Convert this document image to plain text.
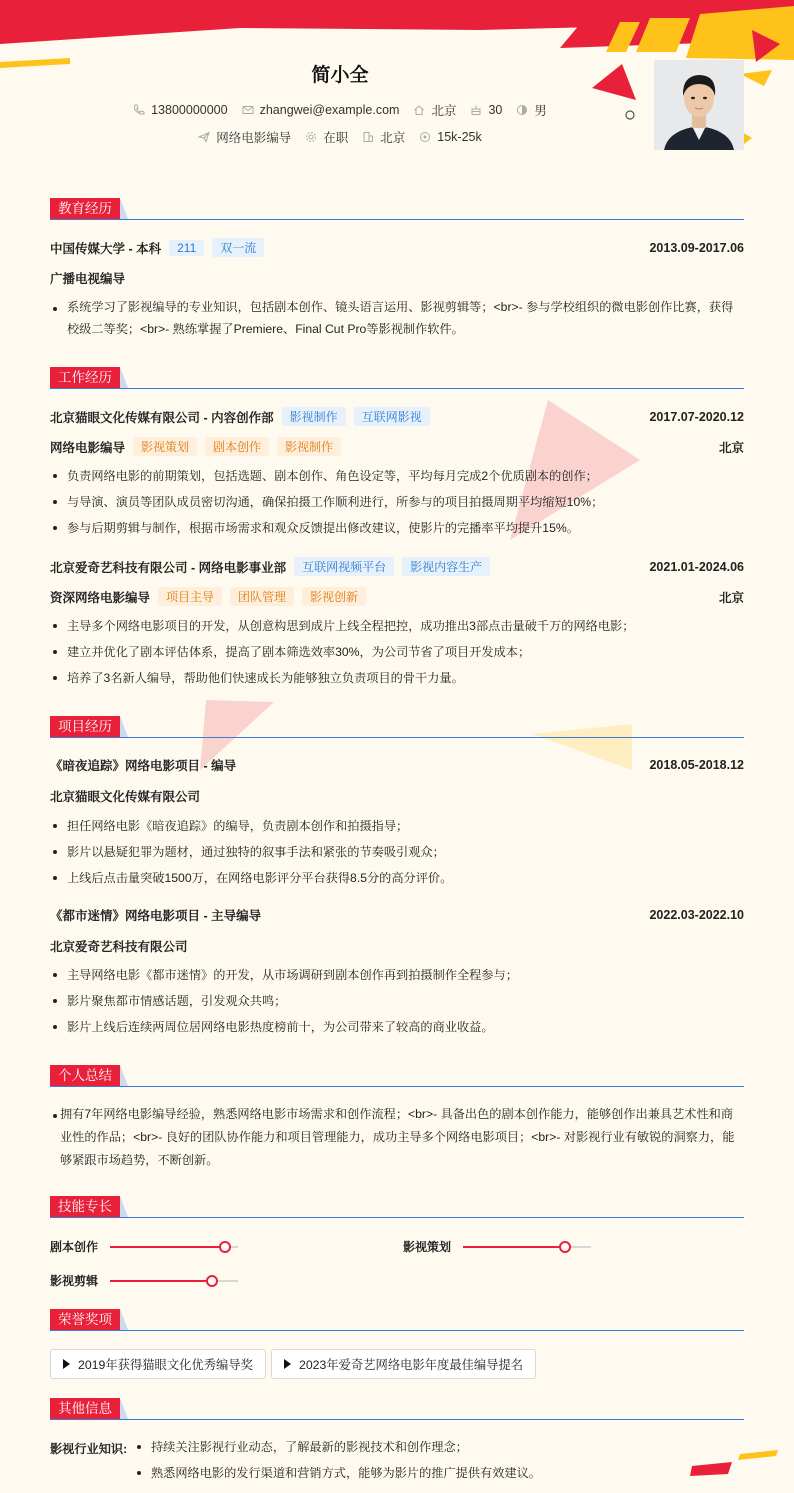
简小全
13800000000	zhangwei@example.com	北京	30	男
网络电影编导	在职	北京	15k-25k
教育经历
中国传媒大学 - 本科	211	双一流	2013.09-2017.06
广播电视编导
系统学习了影视编导的专业知识，包括剧本创作、镜头语言运用、影视剪辑等；<br>- 参与学校组织的微电影创作比赛，获得校级二等奖；<br>- 熟练掌握了Premiere、Final Cut Pro等影视制作软件。
工作经历
北京猫眼文化传媒有限公司 - 内容创作部	影视制作	互联网影视	2017.07-2020.12
网络电影编导	影视策划	剧本创作	影视制作	北京
负责网络电影的前期策划，包括选题、剧本创作、角色设定等，平均每月完成2个优质剧本的创作；
与导演、演员等团队成员密切沟通，确保拍摄工作顺利进行，所参与的项目拍摄周期平均缩短10%；
参与后期剪辑与制作，根据市场需求和观众反馈提出修改建议，使影片的完播率平均提升15%。
北京爱奇艺科技有限公司 - 网络电影事业部	互联网视频平台	影视内容生产	2021.01-2024.06
资深网络电影编导	项目主导	团队管理	影视创新	北京
主导多个网络电影项目的开发，从创意构思到成片上线全程把控，成功推出3部点击量破千万的网络电影；
建立并优化了剧本评估体系，提高了剧本筛选效率30%，为公司节省了项目开发成本；
培养了3名新人编导，帮助他们快速成长为能够独立负责项目的骨干力量。
项目经历
《暗夜追踪》网络电影项目 - 编导	2018.05-2018.12
北京猫眼文化传媒有限公司
担任网络电影《暗夜追踪》的编导，负责剧本创作和拍摄指导；
影片以悬疑犯罪为题材，通过独特的叙事手法和紧张的节奏吸引观众；
上线后点击量突破1500万，在网络电影评分平台获得8.5分的高分评价。
《都市迷情》网络电影项目 - 主导编导	2022.03-2022.10
北京爱奇艺科技有限公司
主导网络电影《都市迷情》的开发，从市场调研到剧本创作再到拍摄制作全程参与；
影片聚焦都市情感话题，引发观众共鸣；
影片上线后连续两周位居网络电影热度榜前十，为公司带来了较高的商业收益。
个人总结
拥有7年网络电影编导经验，熟悉网络电影市场需求和创作流程；<br>- 具备出色的剧本创作能力，能够创作出兼具艺术性和商业性的作品；<br>- 良好的团队协作能力和项目管理能力，成功主导多个网络电影项目；<br>- 对影视行业有敏锐的洞察力，能够紧跟市场趋势，不断创新。
技能专长
剧本创作	影视策划
影视剪辑
荣誉奖项
2019年获得猫眼文化优秀编导奖	2023年爱奇艺网络电影年度最佳编导提名
其他信息
影视行业知识:	持续关注影视行业动态，了解最新的影视技术和创作理念；
熟悉网络电影的发行渠道和营销方式，能够为影片的推广提供有效建议。
